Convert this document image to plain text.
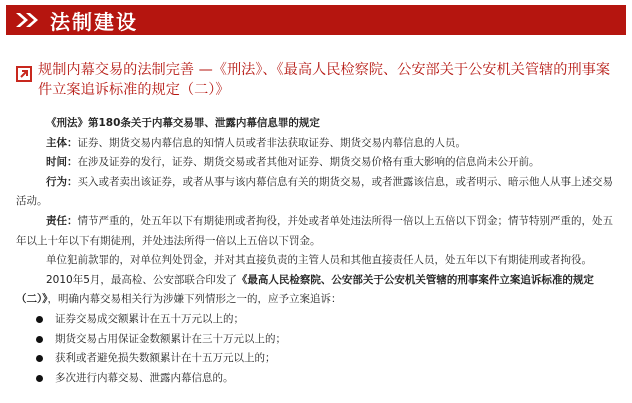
法制建设
规制内幕交易的法制完善 —《刑法》、《最高人民检察院、公安部关于公安机关管辖的刑事案件立案追诉标准的规定（二）》

《刑法》第180条关于内幕交易罪、泄露内幕信息罪的规定

主体：证券、期货交易内幕信息的知情人员或者非法获取证券、期货交易内幕信息的人员。

时间：在涉及证券的发行，证券、期货交易或者其他对证券、期货交易价格有重大影响的信息尚未公开前。

行为：买入或者卖出该证券，或者从事与该内幕信息有关的期货交易，或者泄露该信息，或者明示、暗示他人从事上述交易活动。

责任：情节严重的，处五年以下有期徒刑或者拘役，并处或者单处违法所得一倍以上五倍以下罚金；情节特别严重的，处五年以上十年以下有期徒刑，并处违法所得一倍以上五倍以下罚金。

单位犯前款罪的，对单位判处罚金，并对其直接负责的主管人员和其他直接责任人员，处五年以下有期徒刑或者拘役。

2010年5月，最高检、公安部联合印发了《最高人民检察院、公安部关于公安机关管辖的刑事案件立案追诉标准的规定（二）》，明确内幕交易相关行为涉嫌下列情形之一的，应予立案追诉：

证券交易成交额累计在五十万元以上的；
期货交易占用保证金数额累计在三十万元以上的；
获利或者避免损失数额累计在十五万元以上的；
多次进行内幕交易、泄露内幕信息的。
